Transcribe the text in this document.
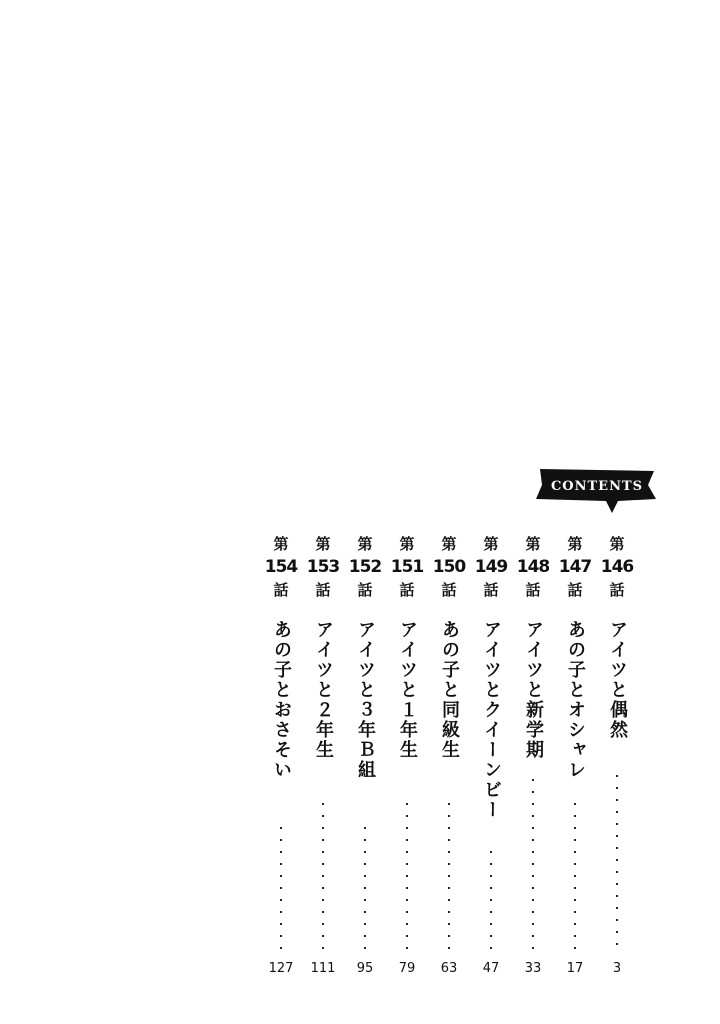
CONTENTS
第
146
話
アイツと偶然
3
第
147
話
あの子とオシャレ
17
第
148
話
アイツと新学期
33
第
149
話
アイツとクイーンビー
47
第
150
話
あの子と同級生
63
第
151
話
アイツと１年生
79
第
152
話
アイツと３年Ｂ組
95
第
153
話
アイツと２年生
111
第
154
話
あの子とおさそい
127
